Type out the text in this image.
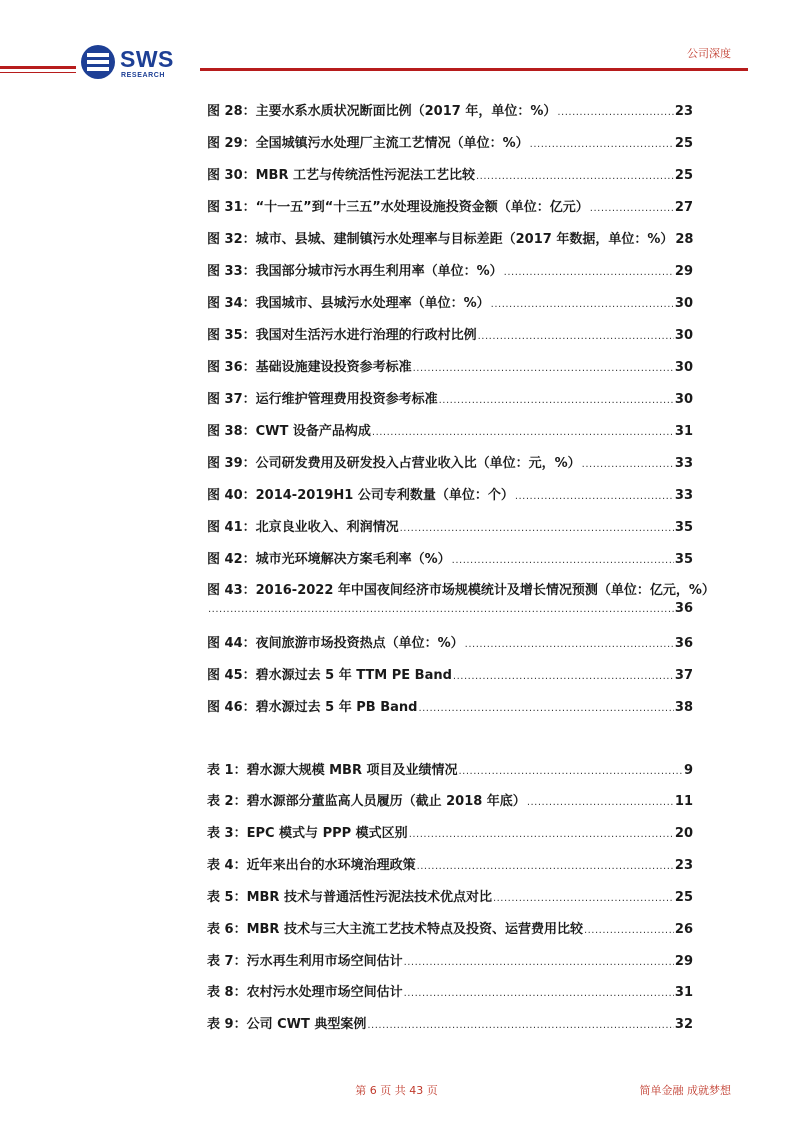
SWS
RESEARCH
公司深度
图 28：主要水系水质状况断面比例（2017 年，单位：%） .....	23
图 29：全国城镇污水处理厂主流工艺情况（单位：%） .....	25
图 30：MBR 工艺与传统活性污泥法工艺比较 .....	25
图 31：“十一五”到“十三五”水处理设施投资金额（单位：亿元） .....	27
图 32：城市、县城、建制镇污水处理率与目标差距（2017 年数据，单位：%） 28
图 33：我国部分城市污水再生利用率（单位：%） .....	29
图 34：我国城市、县城污水处理率（单位：%） .....	30
图 35：我国对生活污水进行治理的行政村比例 .....	30
图 36：基础设施建设投资参考标准 .....	30
图 37：运行维护管理费用投资参考标准 .....	30
图 38：CWT 设备产品构成 .....	31
图 39：公司研发费用及研发投入占营业收入比（单位：元，%） .....	33
图 40：2014-2019H1 公司专利数量（单位：个） .....	33
图 41：北京良业收入、利润情况 .....	35
图 42：城市光环境解决方案毛利率（%） .....	35
图 43：2016-2022 年中国夜间经济市场规模统计及增长情况预测（单位：亿元，%）
.....
36
图 44：夜间旅游市场投资热点（单位：%） .....	36
图 45：碧水源过去 5 年 TTM PE Band .....	37
图 46：碧水源过去 5 年 PB Band .....	38
表 1：碧水源大规模 MBR 项目及业绩情况 .....	9
表 2：碧水源部分董监高人员履历（截止 2018 年底） .....	11
表 3：EPC 模式与 PPP 模式区别 .....	20
表 4：近年来出台的水环境治理政策 .....	23
表 5：MBR 技术与普通活性污泥法技术优点对比 .....	25
表 6：MBR 技术与三大主流工艺技术特点及投资、运营费用比较 .....	26
表 7：污水再生利用市场空间估计 .....	29
表 8：农村污水处理市场空间估计 .....	31
表 9：公司 CWT 典型案例 .....	32
第 6 页 共 43 页	简单金融 成就梦想
